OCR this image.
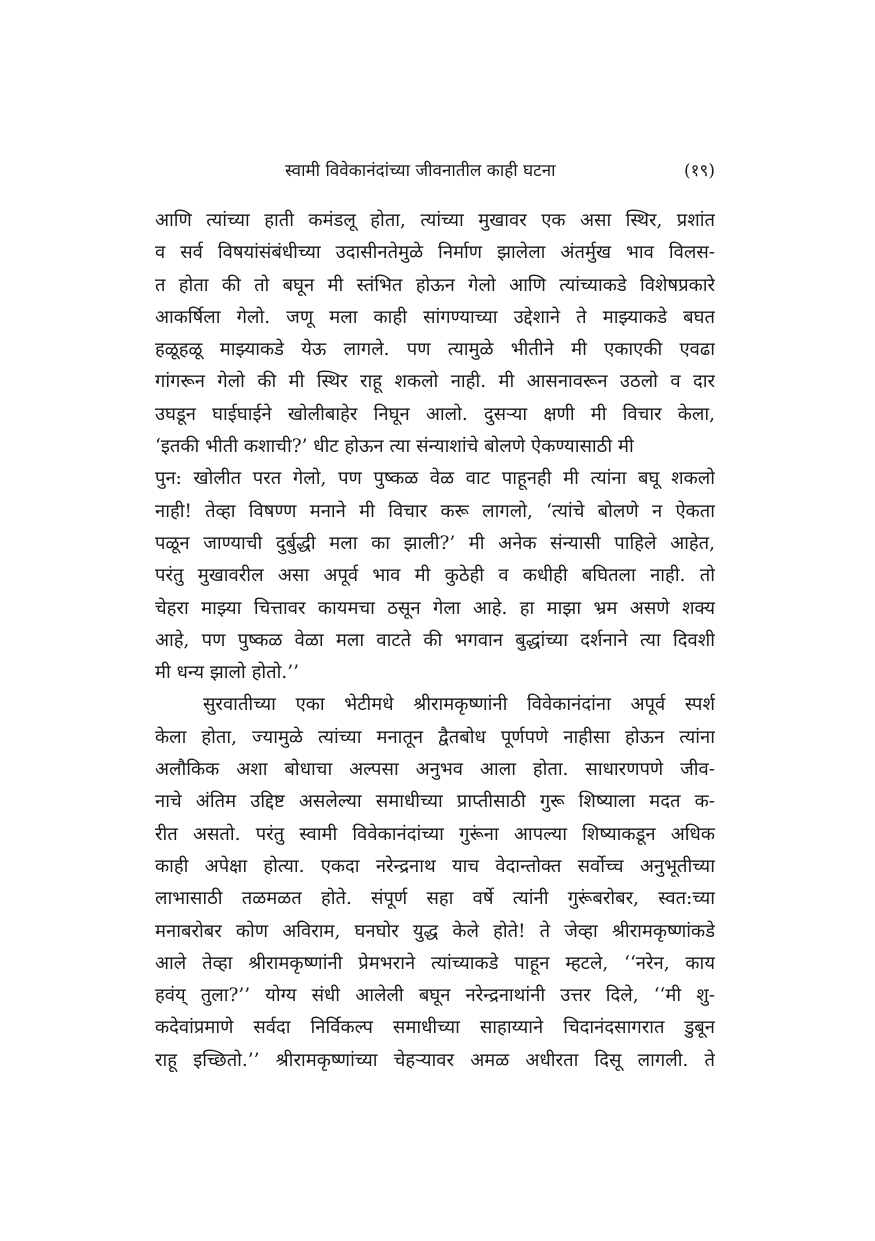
स्वामी विवेकानंदांच्या जीवनातील काही घटना	(१९)
आणि त्यांच्या हाती कमंडलू होता, त्यांच्या मुखावर एक असा स्थिर, प्रशांत
व सर्व विषयांसंबंधीच्या उदासीनतेमुळे निर्माण झालेला अंतर्मुख भाव विलस-
त होता की तो बघून मी स्तंभित होऊन गेलो आणि त्यांच्याकडे विशेषप्रकारे
आकर्षिला गेलो. जणू मला काही सांगण्याच्या उद्देशाने ते माझ्याकडे बघत
हळूहळू माझ्याकडे येऊ लागले. पण त्यामुळे भीतीने मी एकाएकी एवढा
गांगरून गेलो की मी स्थिर राहू शकलो नाही. मी आसनावरून उठलो व दार
उघडून घाईघाईने खोलीबाहेर निघून आलो. दुसऱ्या क्षणी मी विचार केला,
‘इतकी भीती कशाची?’ धीट होऊन त्या संन्याशांचे बोलणे ऐकण्यासाठी मी
पुन: खोलीत परत गेलो, पण पुष्कळ वेळ वाट पाहूनही मी त्यांना बघू शकलो
नाही! तेव्हा विषण्ण मनाने मी विचार करू लागलो, ‘त्यांचे बोलणे न ऐकता
पळून जाण्याची दुर्बुद्धी मला का झाली?’ मी अनेक संन्यासी पाहिले आहेत,
परंतु मुखावरील असा अपूर्व भाव मी कुठेही व कधीही बघितला नाही. तो
चेहरा माझ्या चित्तावर कायमचा ठसून गेला आहे. हा माझा भ्रम असणे शक्य
आहे, पण पुष्कळ वेळा मला वाटते की भगवान बुद्धांच्या दर्शनाने त्या दिवशी
मी धन्य झालो होतो.’’
सुरवातीच्या एका भेटीमधे श्रीरामकृष्णांनी विवेकानंदांना अपूर्व स्पर्श
केला होता, ज्यामुळे त्यांच्या मनातून द्वैतबोध पूर्णपणे नाहीसा होऊन त्यांना
अलौकिक अशा बोधाचा अल्पसा अनुभव आला होता. साधारणपणे जीव-
नाचे अंतिम उद्दिष्ट असलेल्या समाधीच्या प्राप्तीसाठी गुरू शिष्याला मदत क-
रीत असतो. परंतु स्वामी विवेकानंदांच्या गुरूंना आपल्या शिष्याकडून अधिक
काही अपेक्षा होत्या. एकदा नरेन्द्रनाथ याच वेदान्तोक्त सर्वोच्च अनुभूतीच्या
लाभासाठी तळमळत होते. संपूर्ण सहा वर्षे त्यांनी गुरूंबरोबर, स्वत:च्या
मनाबरोबर कोण अविराम, घनघोर युद्ध केले होते! ते जेव्हा श्रीरामकृष्णांकडे
आले तेव्हा श्रीरामकृष्णांनी प्रेमभराने त्यांच्याकडे पाहून म्हटले, ‘‘नरेन, काय
हवंय् तुला?’’ योग्य संधी आलेली बघून नरेन्द्रनाथांनी उत्तर दिले, ‘‘मी शु-
कदेवांप्रमाणे सर्वदा निर्विकल्प समाधीच्या साहाय्याने चिदानंदसागरात डुबून
राहू इच्छितो.’’ श्रीरामकृष्णांच्या चेहऱ्यावर अमळ अधीरता दिसू लागली. ते
